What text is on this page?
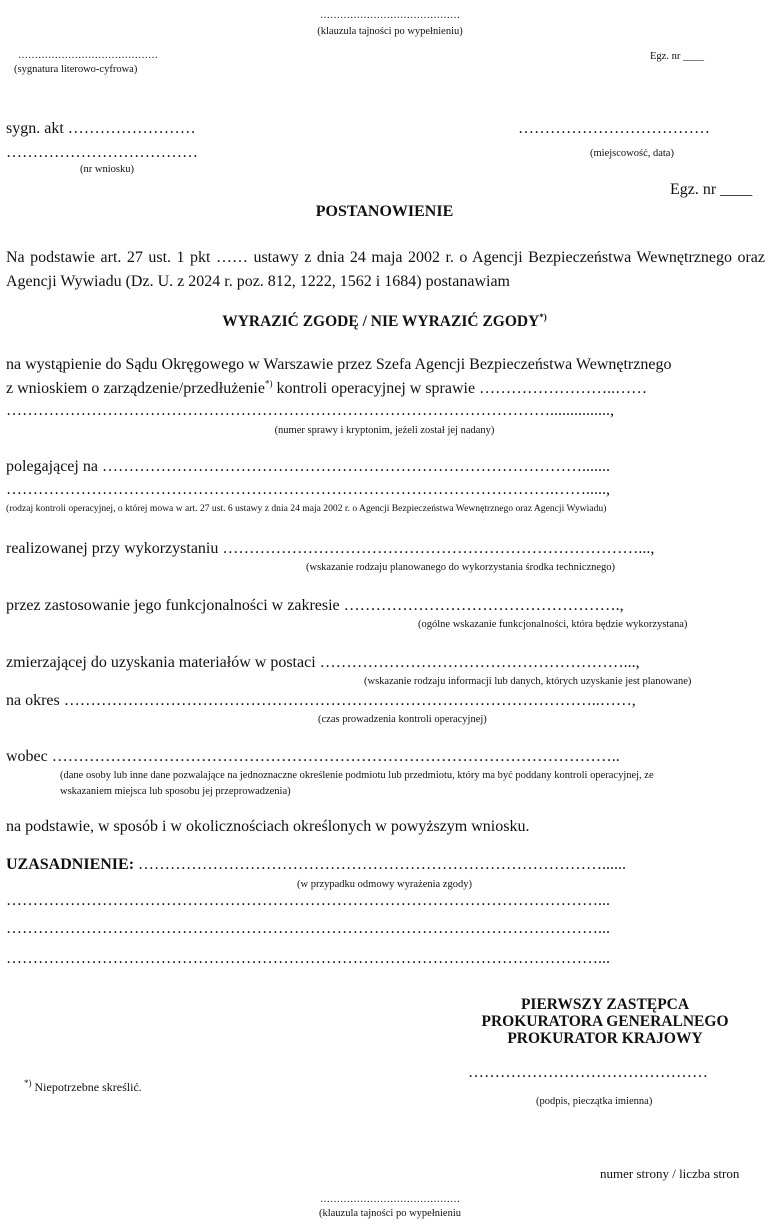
……………………………………
(klauzula tajności po wypełnieniu)
……………………………………
(sygnatura literowo-cyfrowa)
Egz. nr ____
sygn. akt ……………………	………………………………
………………………………	(miejscowość, data)
(nr wniosku)
Egz. nr ____
POSTANOWIENIE
Na podstawie art. 27 ust. 1 pkt …… ustawy z dnia 24 maja 2002 r. o Agencji Bezpieczeństwa Wewnętrznego oraz Agencji Wywiadu (Dz. U. z 2024 r. poz. 812, 1222, 1562 i 1684) postanawiam
WYRAZIĆ ZGODĘ / NIE WYRAZIĆ ZGODY*)
na wystąpienie do Sądu Okręgowego w Warszawie przez Szefa Agencji Bezpieczeństwa Wewnętrznego
z wnioskiem o zarządzenie/przedłużenie*) kontroli operacyjnej w sprawie ……………………..……
…………………………………………………………………………………………...............,
(numer sprawy i kryptonim, jeżeli został jej nadany)
polegającej na ……………………………………………………………………………….......
………………………………………………………………………………………….…….....,
(rodzaj kontroli operacyjnej, o której mowa w art. 27 ust. 6 ustawy z dnia 24 maja 2002 r. o Agencji Bezpieczeństwa Wewnętrznego oraz Agencji Wywiadu)
realizowanej przy wykorzystaniu ……………………………………………………………………...,
(wskazanie rodzaju planowanego do wykorzystania środka technicznego)
przez zastosowanie jego funkcjonalności w zakresie …………………………………………….,
(ogólne wskazanie funkcjonalności, która będzie wykorzystana)
zmierzającej do uzyskania materiałów w postaci …………………………………………………...,
(wskazanie rodzaju informacji lub danych, których uzyskanie jest planowane)
na okres ………………………………………………………………………………………..……,
(czas prowadzenia kontroli operacyjnej)
wobec ……………………………………………………………………………………………..
(dane osoby lub inne dane pozwalające na jednoznaczne określenie podmiotu lub przedmiotu, który ma być poddany kontroli operacyjnej, ze
wskazaniem miejsca lub sposobu jej przeprowadzenia)
na podstawie, w sposób i w okolicznościach określonych w powyższym wniosku.
UZASADNIENIE: ……………………………………………………………………………......
(w przypadku odmowy wyrażenia zgody)
…………………………………………………………………………………………………...
…………………………………………………………………………………………………...
…………………………………………………………………………………………………...
PIERWSZY ZASTĘPCA
PROKURATORA GENERALNEGO
PROKURATOR KRAJOWY
………………………………………
(podpis, pieczątka imienna)
*) Niepotrzebne skreślić.
numer strony / liczba stron
……………………………………
(klauzula tajności po wypełnieniu
